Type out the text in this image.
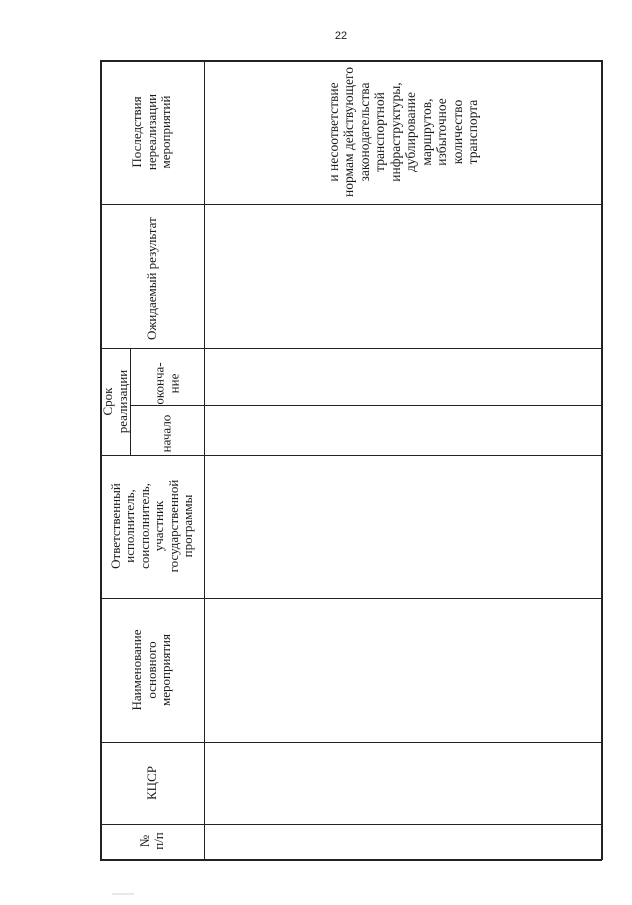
22
Последствия
нереализации
мероприятий
Ожидаемый результат
Срок
реализации	оконча-
ние
начало
Ответственный
исполнитель,
соисполнитель,
участник
государственной
программы
Наименование
основного
мероприятия
КЦСР
№
п/п
и несоответствие
нормам действующего
законодательства
транспортной
инфраструктуры,
дублирование
маршрутов,
избыточное
количество
транспорта
